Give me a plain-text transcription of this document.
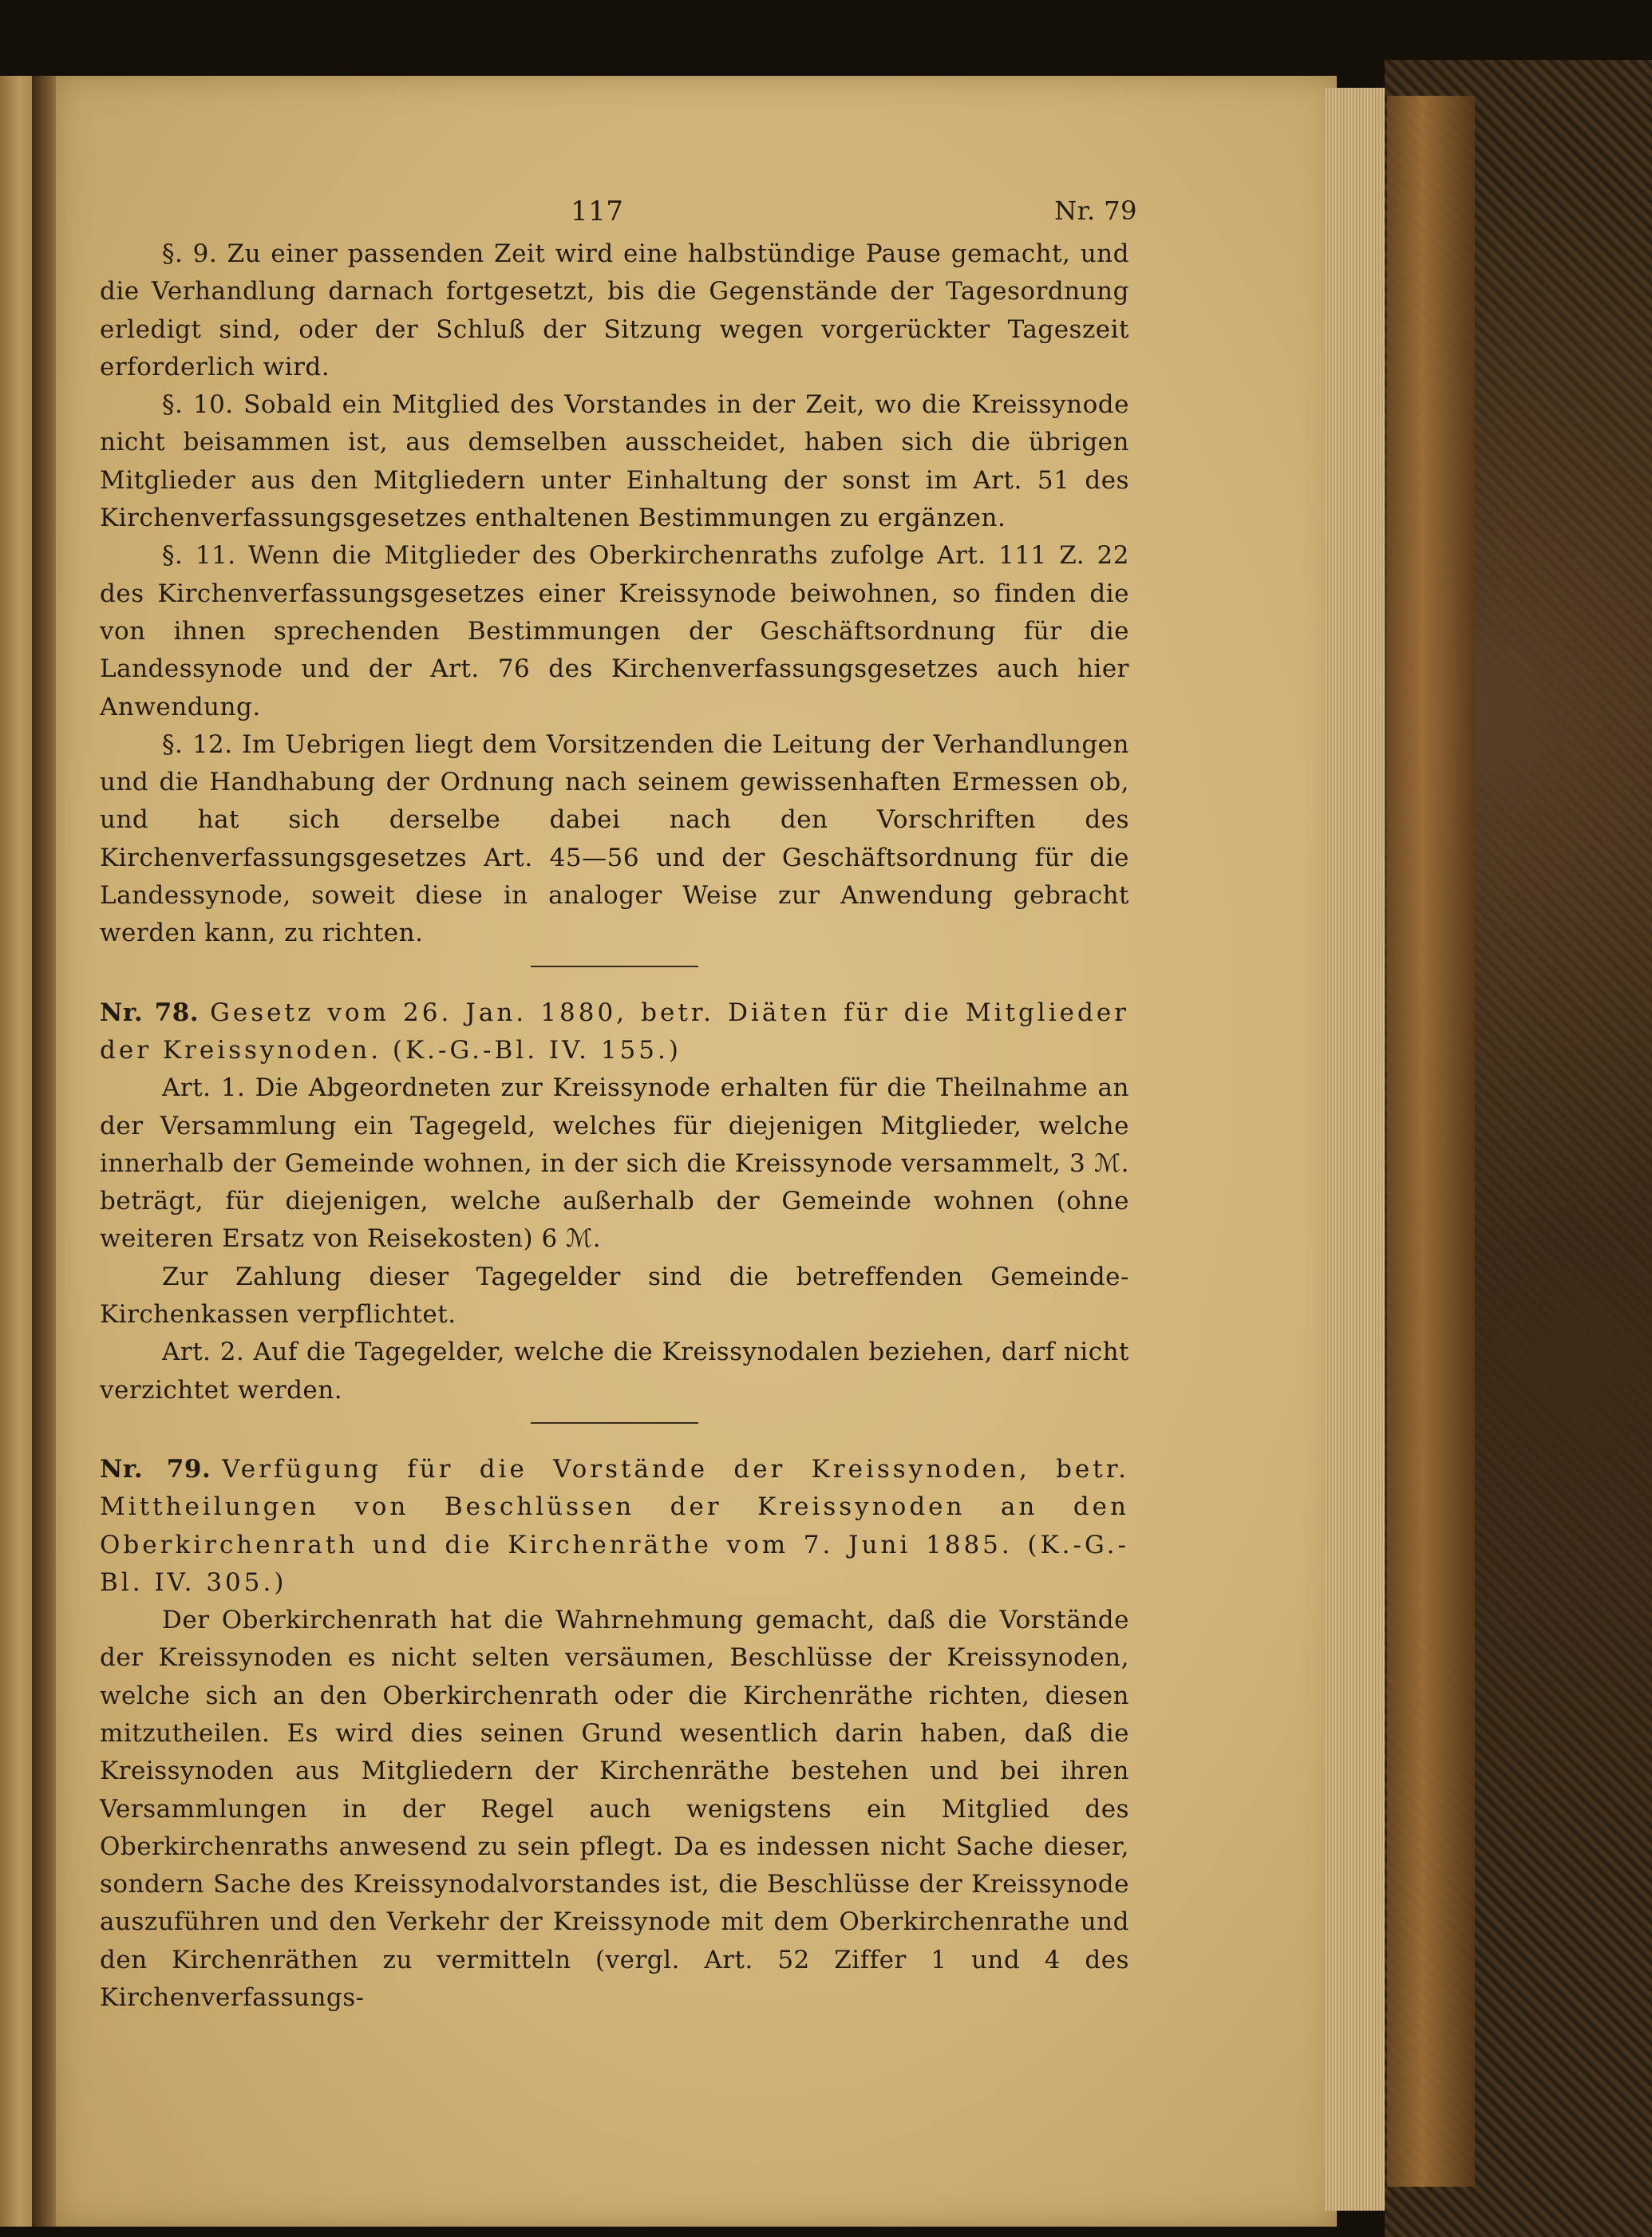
117	Nr. 79

§. 9. Zu einer passenden Zeit wird eine halbstündige Pause gemacht, und die Verhandlung darnach fortgesetzt, bis die Gegenstände der Tagesordnung erledigt sind, oder der Schluß der Sitzung wegen vorgerückter Tageszeit erforderlich wird.

§. 10. Sobald ein Mitglied des Vorstandes in der Zeit, wo die Kreissynode nicht beisammen ist, aus demselben ausscheidet, haben sich die übrigen Mitglieder aus den Mitgliedern unter Einhaltung der sonst im Art. 51 des Kirchenverfassungsgesetzes enthaltenen Bestimmungen zu ergänzen.

§. 11. Wenn die Mitglieder des Oberkirchenraths zufolge Art. 111 Z. 22 des Kirchenverfassungsgesetzes einer Kreissynode beiwohnen, so finden die von ihnen sprechenden Bestimmungen der Geschäftsordnung für die Landessynode und der Art. 76 des Kirchenverfassungsgesetzes auch hier Anwendung.

§. 12. Im Uebrigen liegt dem Vorsitzenden die Leitung der Verhandlungen und die Handhabung der Ordnung nach seinem gewissenhaften Ermessen ob, und hat sich derselbe dabei nach den Vorschriften des Kirchenverfassungsgesetzes Art. 45—56 und der Geschäftsordnung für die Landessynode, soweit diese in analoger Weise zur Anwendung gebracht werden kann, zu richten.

Nr. 78. Gesetz vom 26. Jan. 1880, betr. Diäten für die Mitglieder der Kreissynoden. (K.-G.-Bl. IV. 155.)

Art. 1. Die Abgeordneten zur Kreissynode erhalten für die Theilnahme an der Versammlung ein Tagegeld, welches für diejenigen Mitglieder, welche innerhalb der Gemeinde wohnen, in der sich die Kreissynode versammelt, 3 ℳ. beträgt, für diejenigen, welche außerhalb der Gemeinde wohnen (ohne weiteren Ersatz von Reisekosten) 6 ℳ.

Zur Zahlung dieser Tagegelder sind die betreffenden Gemeinde-Kirchenkassen verpflichtet.

Art. 2. Auf die Tagegelder, welche die Kreissynodalen beziehen, darf nicht verzichtet werden.

Nr. 79. Verfügung für die Vorstände der Kreissynoden, betr. Mittheilungen von Beschlüssen der Kreissynoden an den Oberkirchenrath und die Kirchenräthe vom 7. Juni 1885. (K.-G.-Bl. IV. 305.)

Der Oberkirchenrath hat die Wahrnehmung gemacht, daß die Vorstände der Kreissynoden es nicht selten versäumen, Beschlüsse der Kreissynoden, welche sich an den Oberkirchenrath oder die Kirchenräthe richten, diesen mitzutheilen. Es wird dies seinen Grund wesentlich darin haben, daß die Kreissynoden aus Mitgliedern der Kirchenräthe bestehen und bei ihren Versammlungen in der Regel auch wenigstens ein Mitglied des Oberkirchenraths anwesend zu sein pflegt. Da es indessen nicht Sache dieser, sondern Sache des Kreissynodalvorstandes ist, die Beschlüsse der Kreissynode auszuführen und den Verkehr der Kreissynode mit dem Oberkirchenrathe und den Kirchenräthen zu vermitteln (vergl. Art. 52 Ziffer 1 und 4 des Kirchenverfassungs-
